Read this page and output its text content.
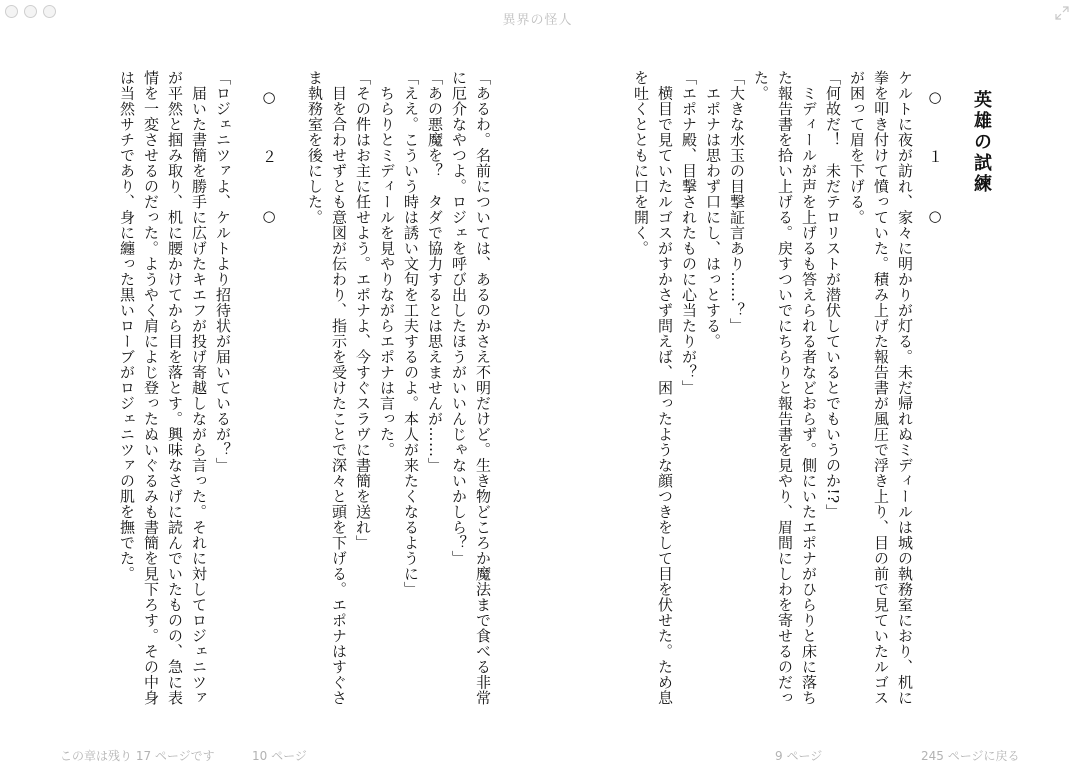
異界の怪人
英雄の試練
○　１　○

ケルトに夜が訪れ、家々に明かりが灯る。未だ帰れぬミディールは城の執務室におり、机に拳を叩き付けて憤っていた。積み上げた報告書が風圧で浮き上り、目の前で見ていたルゴスが困って眉を下げる。

「何故だ！　未だテロリストが潜伏しているとでもいうのか!?」

　ミディールが声を上げるも答えられる者などおらず。側にいたエポナがひらりと床に落ちた報告書を拾い上げる。戻すついでにちらりと報告書を見やり、眉間にしわを寄せるのだった。

「大きな水玉の目撃証言あり……？」

　エポナは思わず口にし、はっとする。

「エポナ殿、目撃されたものに心当たりが？」

　横目で見ていたルゴスがすかさず問えば、困ったような顔つきをして目を伏せた。ため息を吐くとともに口を開く。

「あるわ。名前については、あるのかさえ不明だけど。生き物どころか魔法まで食べる非常に厄介なやつよ。ロジェを呼び出したほうがいいんじゃないかしら？」

「あの悪魔を？　タダで協力するとは思えませんが……」

「ええ。こういう時は誘い文句を工夫するのよ。本人が来たくなるように」

　ちらりとミディールを見やりながらエポナは言った。

「その件はお主に任せよう。エポナよ、今すぐスラヴに書簡を送れ」

　目を合わせずとも意図が伝わり、指示を受けたことで深々と頭を下げる。エポナはすぐさま執務室を後にした。

○　２　○

「ロジェニツァよ、ケルトより招待状が届いているが？」

　届いた書簡を勝手に広げたキエフが投げ寄越しながら言った。それに対してロジェニツァが平然と掴み取り、机に腰かけてから目を落とす。興味なさげに読んでいたものの、急に表情を一変させるのだった。ようやく肩によじ登ったぬいぐるみも書簡を見下ろす。その中身は当然サチであり、身に纏った黒いローブがロジェニツァの肌を撫でた。

この章は残り 17 ページです	10 ページ	9 ページ	245 ページに戻る
